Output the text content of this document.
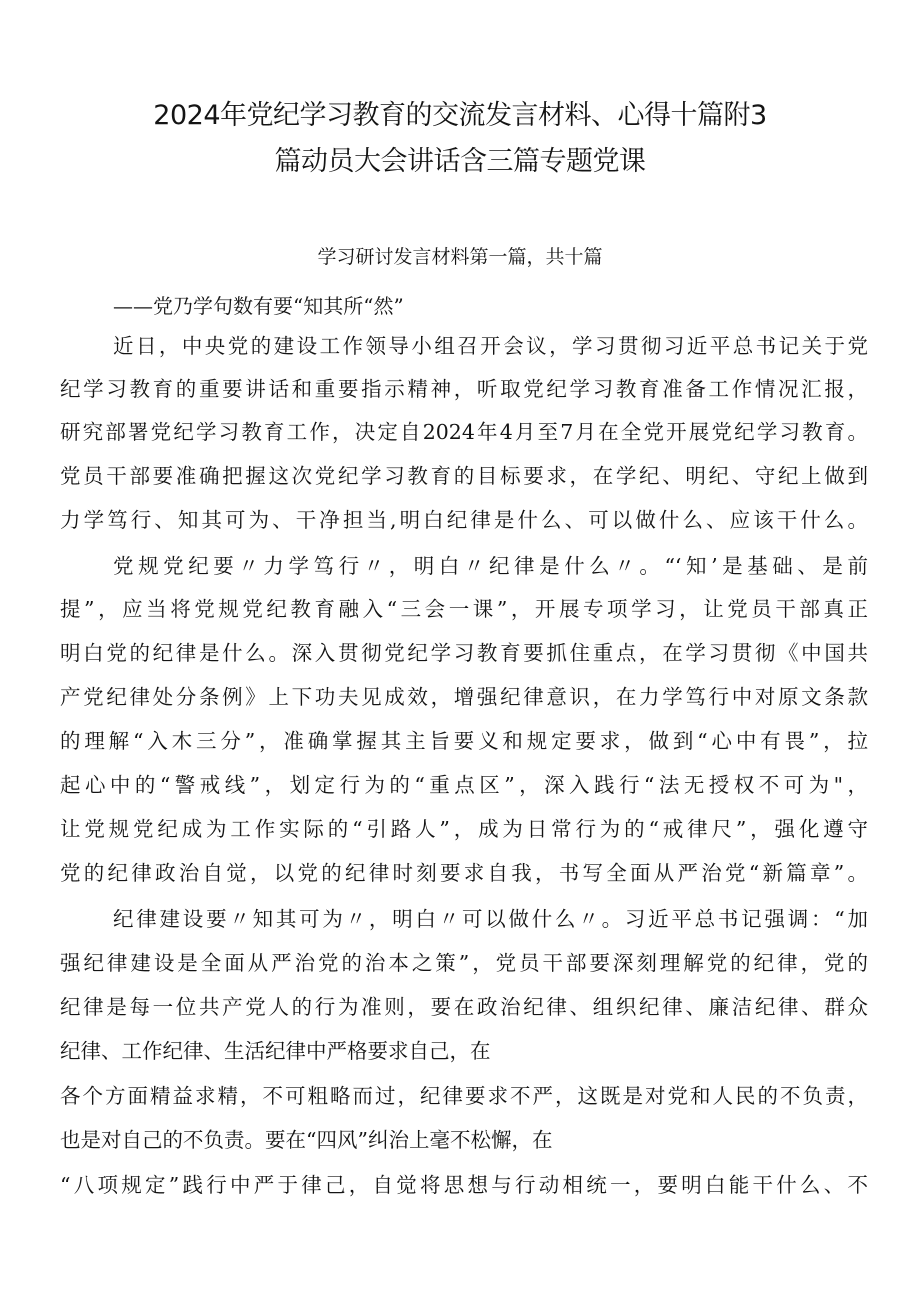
2024年党纪学习教育的交流发言材料、心得十篇附3
篇动员大会讲话含三篇专题党课

学习研讨发言材料第一篇，共十篇

——党乃学句数有要“知其所“然”

近日，中央党的建设工作领导小组召开会议，学习贯彻习近平总书记关于党

纪学习教育的重要讲话和重要指示精神，听取党纪学习教育准备工作情况汇报，

研究部署党纪学习教育工作，决定自2024年4月至7月在全党开展党纪学习教育。

党员干部要准确把握这次党纪学习教育的目标要求，在学纪、明纪、守纪上做到

力学笃行、知其可为、干净担当,明白纪律是什么、可以做什么、应该干什么。

党规党纪要〃力学笃行〃，明白〃纪律是什么〃。“‘知’是基础、是前

提”，应当将党规党纪教育融入“三会一课”，开展专项学习，让党员干部真正

明白党的纪律是什么。深入贯彻党纪学习教育要抓住重点，在学习贯彻《中国共

产党纪律处分条例》上下功夫见成效，增强纪律意识，在力学笃行中对原文条款

的理解“入木三分”，准确掌握其主旨要义和规定要求，做到“心中有畏”，拉

起心中的“警戒线”，划定行为的“重点区”，深入践行“法无授权不可为"，

让党规党纪成为工作实际的“引路人”，成为日常行为的“戒律尺”，强化遵守

党的纪律政治自觉，以党的纪律时刻要求自我，书写全面从严治党“新篇章”。

纪律建设要〃知其可为〃，明白〃可以做什么〃。习近平总书记强调：“加

强纪律建设是全面从严治党的治本之策”，党员干部要深刻理解党的纪律，党的

纪律是每一位共产党人的行为准则，要在政治纪律、组织纪律、廉洁纪律、群众

纪律、工作纪律、生活纪律中严格要求自己，在

各个方面精益求精，不可粗略而过，纪律要求不严，这既是对党和人民的不负责，

也是对自己的不负责。要在“四风”纠治上毫不松懈，在

“八项规定”践行中严于律己，自觉将思想与行动相统一，要明白能干什么、不
